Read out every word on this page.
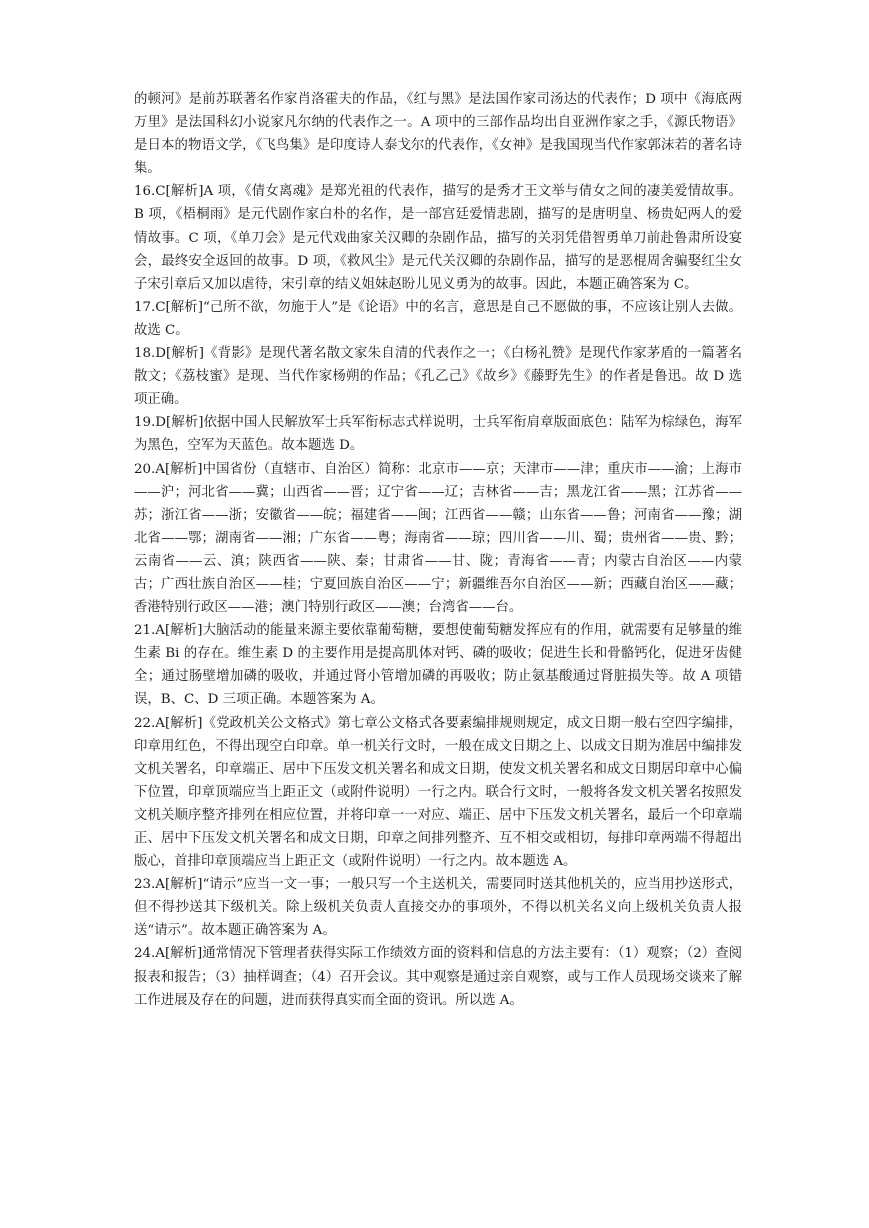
的顿河》是前苏联著名作家肖洛霍夫的作品，《红与黑》是法国作家司汤达的代表作；D 项中《海底两万里》是法国科幻小说家凡尔纳的代表作之一。A 项中的三部作品均出自亚洲作家之手，《源氏物语》是日本的物语文学，《飞鸟集》是印度诗人泰戈尔的代表作，《女神》是我国现当代作家郭沫若的著名诗集。

16.C[解析]A 项，《倩女离魂》是郑光祖的代表作，描写的是秀才王文举与倩女之间的凄美爱情故事。B 项，《梧桐雨》是元代剧作家白朴的名作，是一部宫廷爱情悲剧，描写的是唐明皇、杨贵妃两人的爱情故事。C 项，《单刀会》是元代戏曲家关汉卿的杂剧作品，描写的关羽凭借智勇单刀前赴鲁肃所设宴会，最终安全返回的故事。D 项，《救风尘》是元代关汉卿的杂剧作品，描写的是恶棍周舍骗娶红尘女子宋引章后又加以虐待，宋引章的结义姐妹赵盼儿见义勇为的故事。因此，本题正确答案为 C。

17.C[解析]“己所不欲，勿施于人”是《论语》中的名言，意思是自己不愿做的事，不应该让别人去做。故选 C。

18.D[解析]《背影》是现代著名散文家朱自清的代表作之一；《白杨礼赞》是现代作家茅盾的一篇著名散文；《荔枝蜜》是现、当代作家杨朔的作品；《孔乙己》《故乡》《藤野先生》的作者是鲁迅。故 D 选项正确。

19.D[解析]依据中国人民解放军士兵军衔标志式样说明，士兵军衔肩章版面底色：陆军为棕绿色，海军为黑色，空军为天蓝色。故本题选 D。

20.A[解析]中国省份（直辖市、自治区）简称：北京市——京；天津市——津；重庆市——渝；上海市——沪；河北省——冀；山西省——晋；辽宁省——辽；吉林省——吉；黑龙江省——黑；江苏省——苏；浙江省——浙；安徽省——皖；福建省——闽；江西省——赣；山东省——鲁；河南省——豫；湖北省——鄂；湖南省——湘；广东省——粤；海南省——琼；四川省——川、蜀；贵州省——贵、黔；云南省——云、滇；陕西省——陕、秦；甘肃省——甘、陇；青海省——青；内蒙古自治区——内蒙古；广西壮族自治区——桂；宁夏回族自治区——宁；新疆维吾尔自治区——新；西藏自治区——藏；香港特别行政区——港；澳门特别行政区——澳；台湾省——台。

21.A[解析]大脑活动的能量来源主要依靠葡萄糖，要想使葡萄糖发挥应有的作用，就需要有足够量的维生素 Bi 的存在。维生素 D 的主要作用是提高肌体对钙、磷的吸收；促进生长和骨骼钙化，促进牙齿健全；通过肠壁增加磷的吸收，并通过肾小管增加磷的再吸收；防止氨基酸通过肾脏损失等。故 A 项错误，B、C、D 三项正确。本题答案为 A。

22.A[解析]《党政机关公文格式》第七章公文格式各要素编排规则规定，成文日期一般右空四字编排，印章用红色，不得出现空白印章。单一机关行文时，一般在成文日期之上、以成文日期为准居中编排发文机关署名，印章端正、居中下压发文机关署名和成文日期，使发文机关署名和成文日期居印章中心偏下位置，印章顶端应当上距正文（或附件说明）一行之内。联合行文时，一般将各发文机关署名按照发文机关顺序整齐排列在相应位置，并将印章一一对应、端正、居中下压发文机关署名，最后一个印章端正、居中下压发文机关署名和成文日期，印章之间排列整齐、互不相交或相切，每排印章两端不得超出版心，首排印章顶端应当上距正文（或附件说明）一行之内。故本题选 A。

23.A[解析]“请示”应当一文一事；一般只写一个主送机关，需要同时送其他机关的，应当用抄送形式，但不得抄送其下级机关。除上级机关负责人直接交办的事项外，不得以机关名义向上级机关负责人报送“请示”。故本题正确答案为 A。

24.A[解析]通常情况下管理者获得实际工作绩效方面的资料和信息的方法主要有：（1）观察；（2）查阅报表和报告；（3）抽样调查；（4）召开会议。其中观察是通过亲自观察，或与工作人员现场交谈来了解工作进展及存在的问题，进而获得真实而全面的资讯。所以选 A。
